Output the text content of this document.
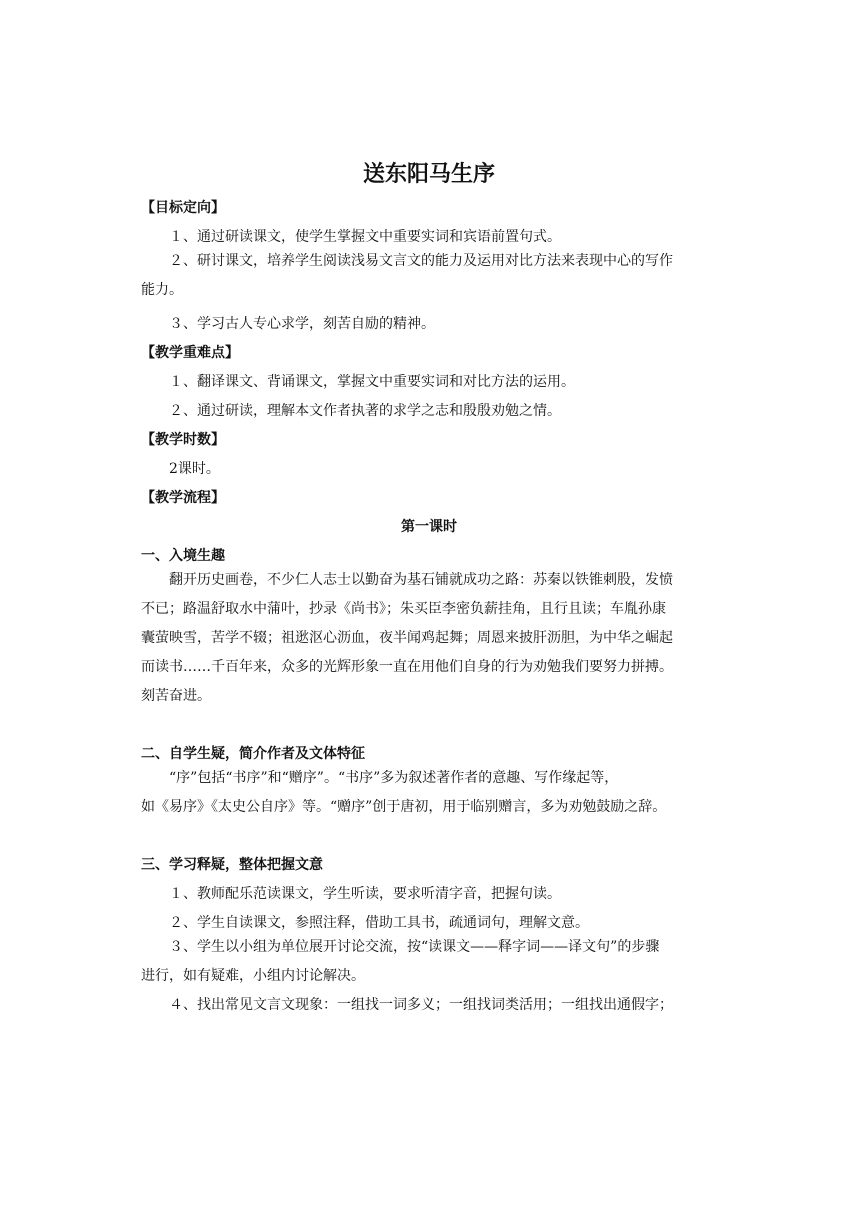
送东阳马生序
【目标定向】
１、通过研读课文，使学生掌握文中重要实词和宾语前置句式。
２、研讨课文，培养学生阅读浅易文言文的能力及运用对比方法来表现中心的写作
能力。
３、学习古人专心求学，刻苦自励的精神。
【教学重难点】
１、翻译课文、背诵课文，掌握文中重要实词和对比方法的运用。
２、通过研读，理解本文作者执著的求学之志和殷殷劝勉之情。
【教学时数】
2课时。
【教学流程】
第一课时
一、入境生趣
翻开历史画卷，不少仁人志士以勤奋为基石铺就成功之路：苏秦以铁锥刺股，发愤
不已；路温舒取水中蒲叶，抄录《尚书》；朱买臣李密负薪挂角，且行且读；车胤孙康
囊萤映雪，苦学不辍；祖逖沤心沥血，夜半闻鸡起舞；周恩来披肝沥胆，为中华之崛起
而读书……千百年来，众多的光辉形象一直在用他们自身的行为劝勉我们要努力拼搏。
刻苦奋进。
二、自学生疑，简介作者及文体特征
“序”包括“书序”和“赠序”。“书序”多为叙述著作者的意趣、写作缘起等，
如《易序》《太史公自序》等。“赠序”创于唐初，用于临别赠言，多为劝勉鼓励之辞。
三、学习释疑，整体把握文意
１、教师配乐范读课文，学生听读，要求听清字音，把握句读。
２、学生自读课文，参照注释，借助工具书，疏通词句，理解文意。
３、学生以小组为单位展开讨论交流，按“读课文——释字词——译文句”的步骤
进行，如有疑难，小组内讨论解决。
４、找出常见文言文现象：一组找一词多义；一组找词类活用；一组找出通假字；
